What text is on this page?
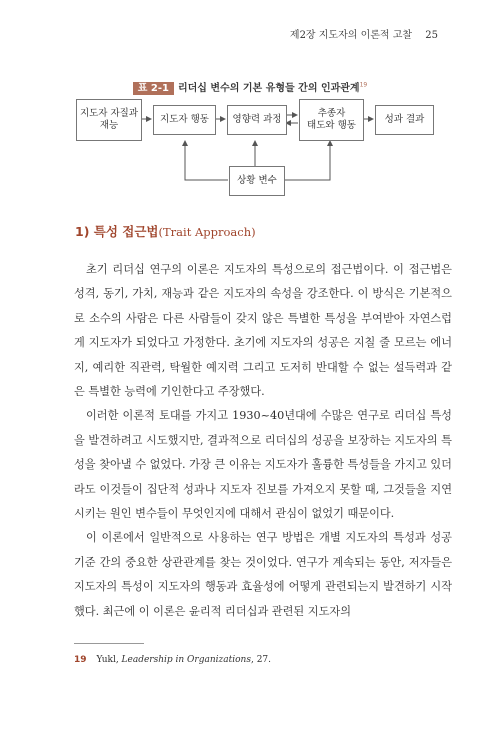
제2장 지도자의 이론적 고찰 25
표 2-1 리더십 변수의 기본 유형들 간의 인과관계$^{19}$
지도자 자질과
재능
지도자 행동 영향력 과정
추종자
태도와 행동
성과 결과
상황 변수
1) 특성 접근법(Trait Approach)

초기 리더십 연구의 이론은 지도자의 특성으로의 접근법이다. 이 접근법은 성격, 동기, 가치, 재능과 같은 지도자의 속성을 강조한다. 이 방식은 기본적으로 소수의 사람은 다른 사람들이 갖지 않은 특별한 특성을 부여받아 자연스럽게 지도자가 되었다고 가정한다. 초기에 지도자의 성공은 지칠 줄 모르는 에너지, 예리한 직관력, 탁월한 예지력 그리고 도저히 반대할 수 없는 설득력과 같은 특별한 능력에 기인한다고 주장했다.

이러한 이론적 토대를 가지고 1930~40년대에 수많은 연구로 리더십 특성을 발견하려고 시도했지만, 결과적으로 리더십의 성공을 보장하는 지도자의 특성을 찾아낼 수 없었다. 가장 큰 이유는 지도자가 훌륭한 특성들을 가지고 있더라도 이것들이 집단적 성과나 지도자 진보를 가져오지 못할 때, 그것들을 지연시키는 원인 변수들이 무엇인지에 대해서 관심이 없었기 때문이다.

이 이론에서 일반적으로 사용하는 연구 방법은 개별 지도자의 특성과 성공 기준 간의 중요한 상관관계를 찾는 것이었다. 연구가 계속되는 동안, 저자들은 지도자의 특성이 지도자의 행동과 효율성에 어떻게 관련되는지 발견하기 시작했다. 최근에 이 이론은 윤리적 리더십과 관련된 지도자의

19 Yukl, Leadership in Organizations, 27.
